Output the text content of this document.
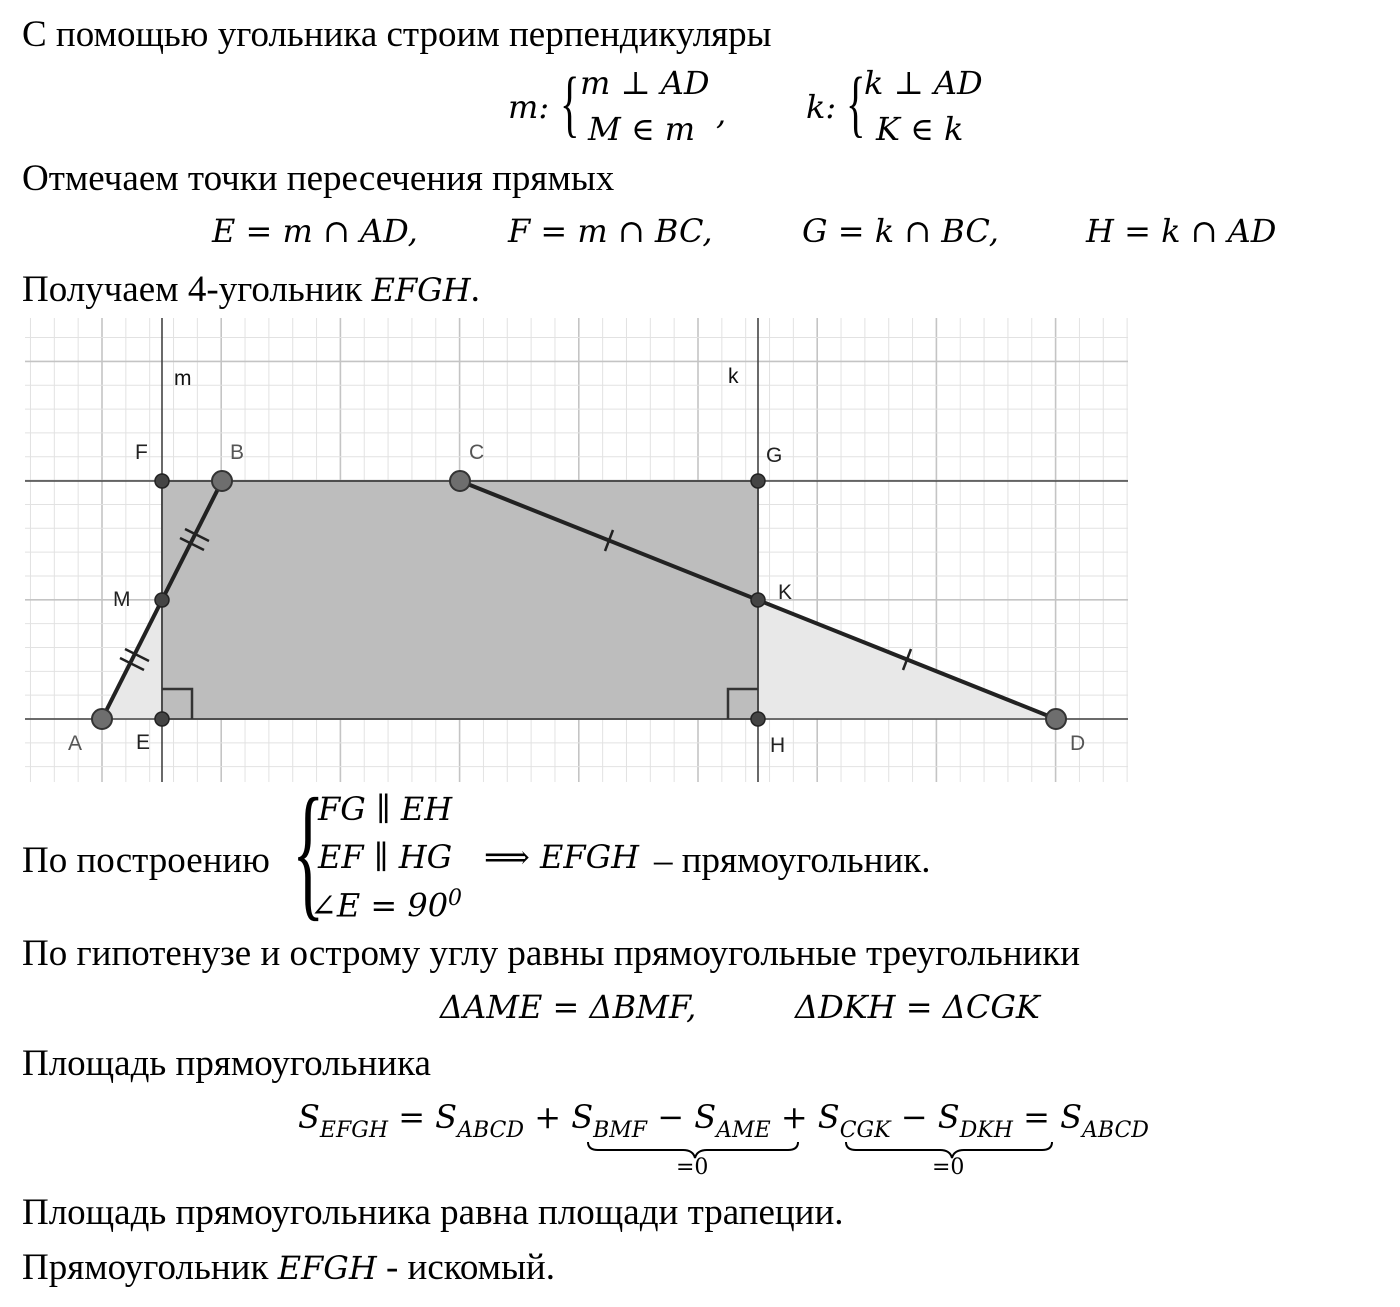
С помощью угольника строим перпендикуляры
m: { m ⊥ AD
M ∈ m , k: {
k ⊥ AD
K ∈ k
Отмечаем точки пересечения прямых
E = m ∩ AD,	F = m ∩ BC,	G = k ∩ BC,	H = k ∩ AD
Получаем 4-угольник EFGH.
m	k
A
B	C
D
E
F	G
H
M	K
По построению {
FG ∥ EH
EF ∥ HG
∠E = $90^0$
⟹ EFGH – прямоугольник.
По гипотенузе и острому углу равны прямоугольные треугольники
ΔAME = ΔBMF,	ΔDKH = ΔCGK
Площадь прямоугольника
$S_{EFGH} = S_{ABCD} + S_{BMF} - S_{AME} + S_{CGK} - S_{DKH} = S_{ABCD}$
=0	=0
Площадь прямоугольника равна площади трапеции.
Прямоугольник EFGH - искомый.
